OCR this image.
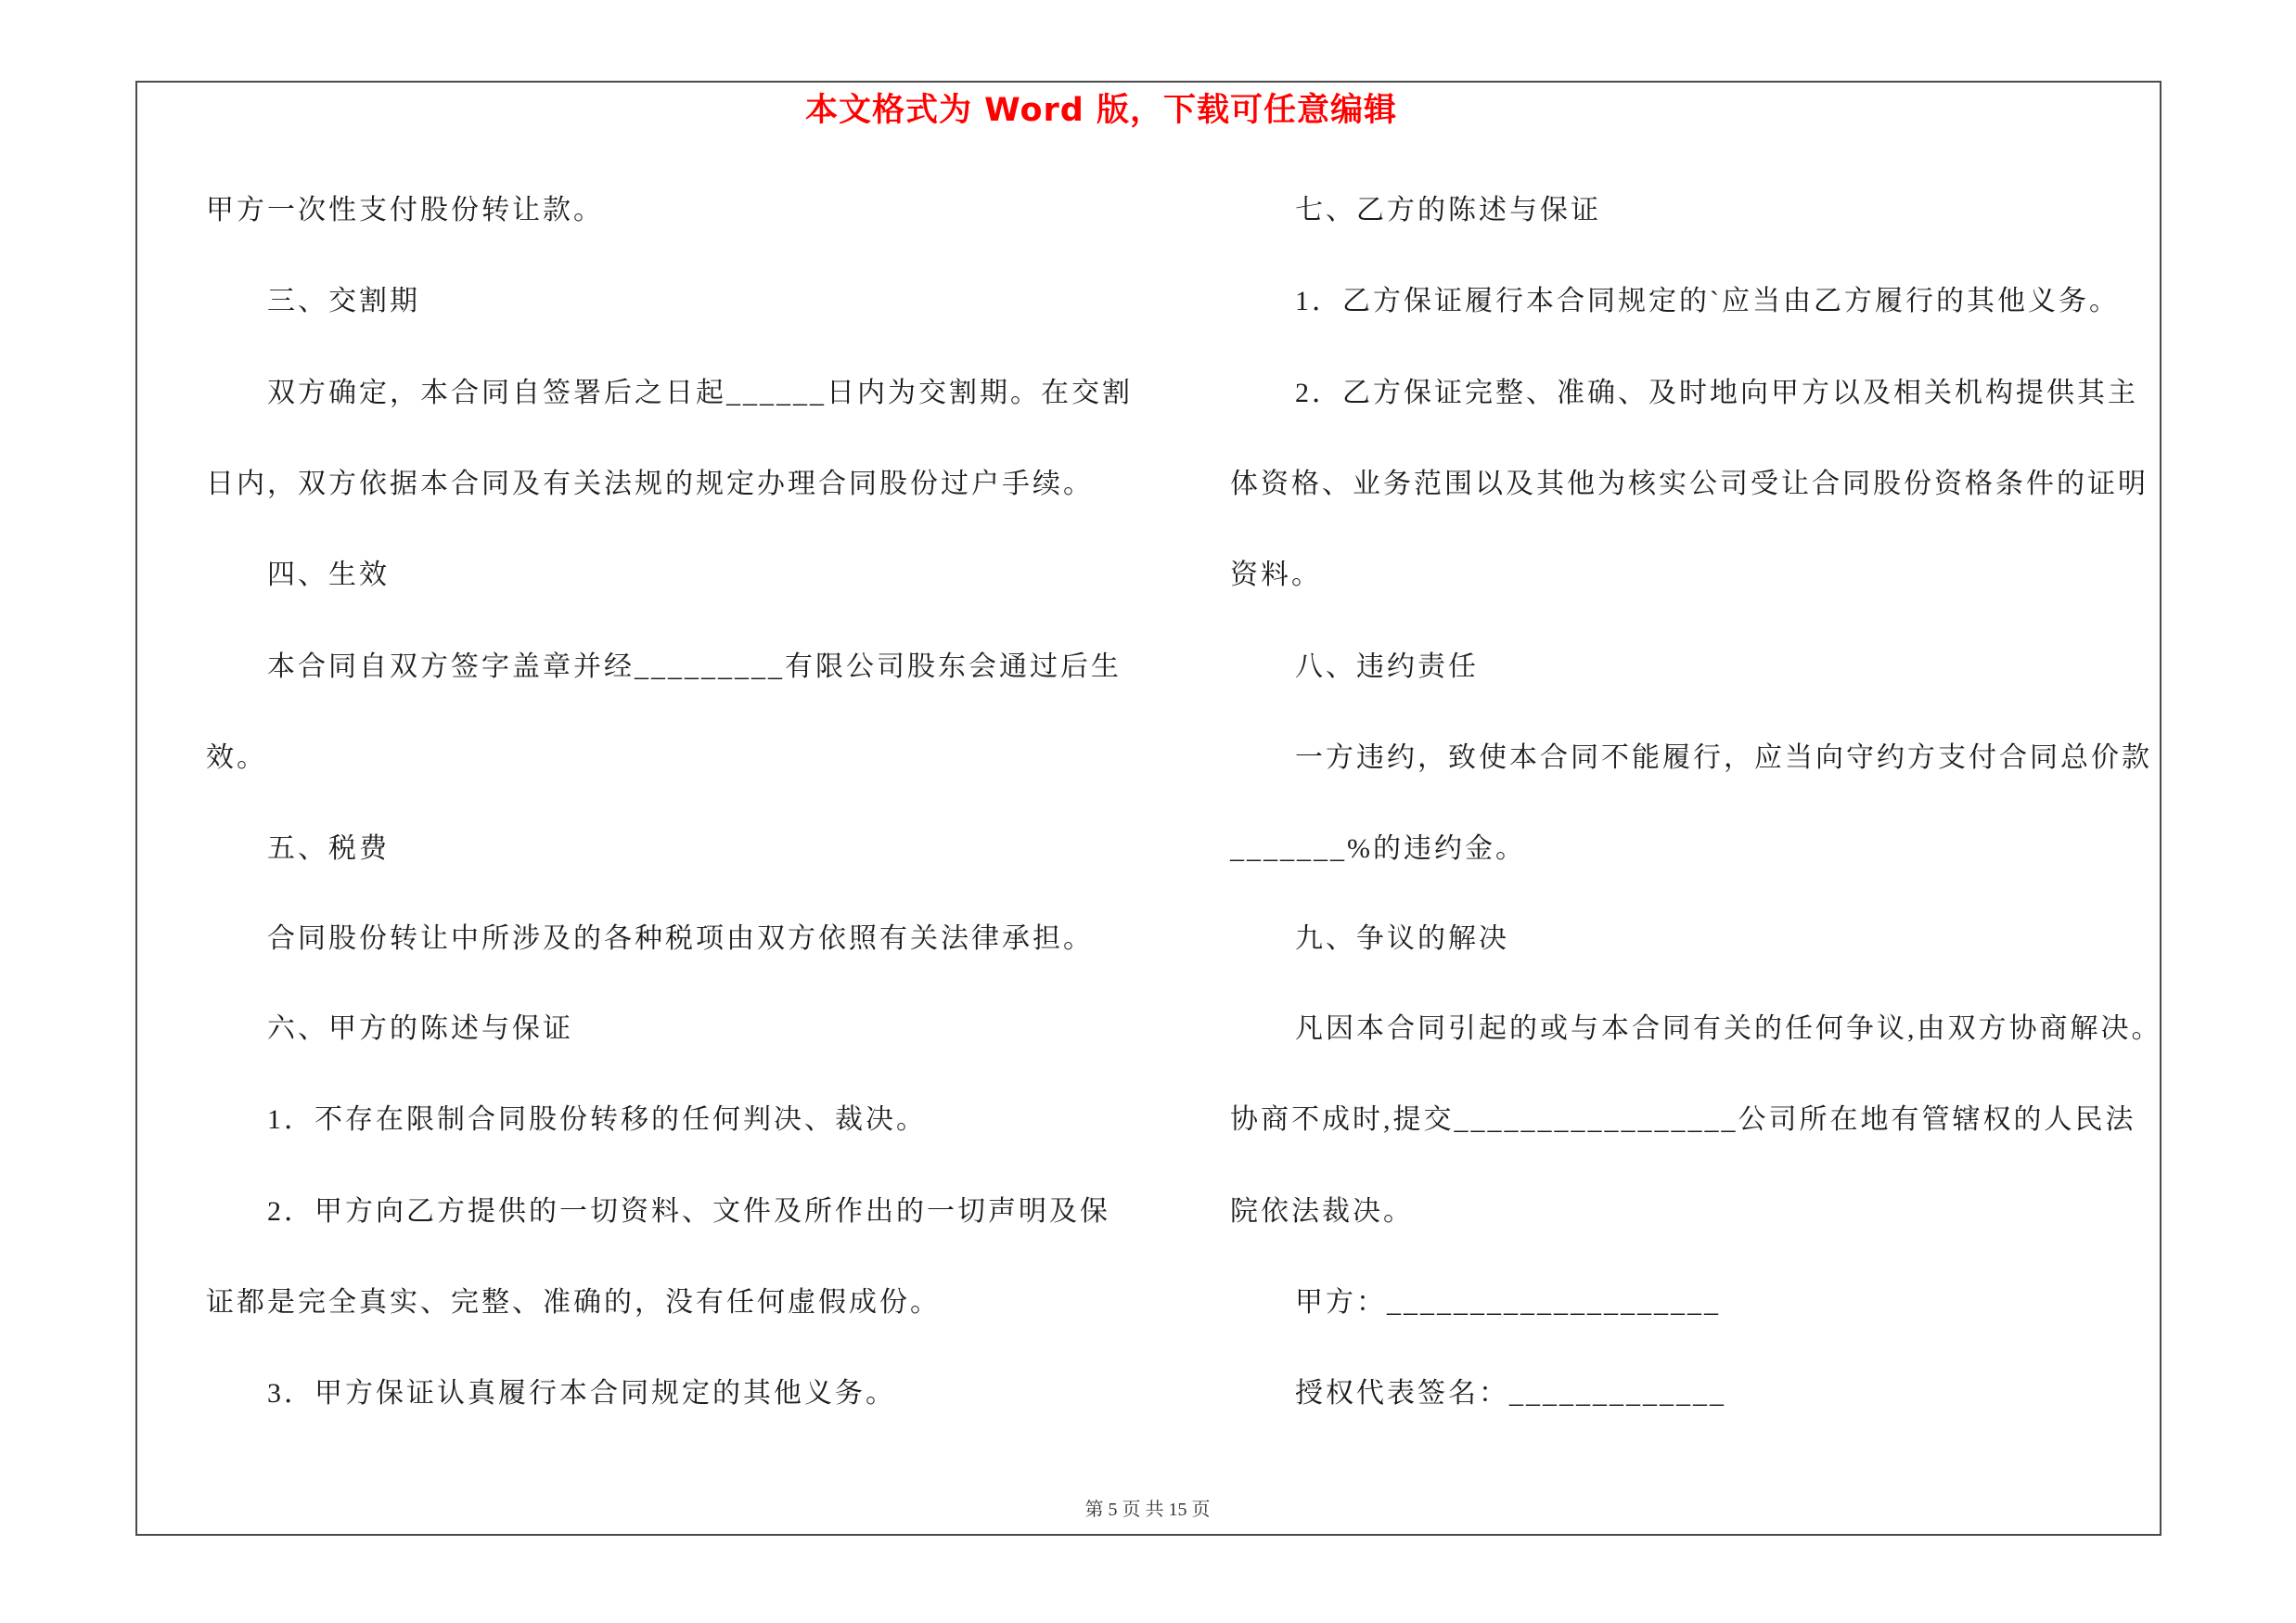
本文格式为 Word 版，下载可任意编辑
甲方一次性支付股份转让款。
三、交割期
双方确定，本合同自签署后之日起______日内为交割期。在交割
日内，双方依据本合同及有关法规的规定办理合同股份过户手续。
四、生效
本合同自双方签字盖章并经_________有限公司股东会通过后生
效。
五、税费
合同股份转让中所涉及的各种税项由双方依照有关法律承担。
六、甲方的陈述与保证
1．不存在限制合同股份转移的任何判决、裁决。
2．甲方向乙方提供的一切资料、文件及所作出的一切声明及保
证都是完全真实、完整、准确的，没有任何虚假成份。
3．甲方保证认真履行本合同规定的其他义务。
七、乙方的陈述与保证
1．乙方保证履行本合同规定的`应当由乙方履行的其他义务。
2．乙方保证完整、准确、及时地向甲方以及相关机构提供其主
体资格、业务范围以及其他为核实公司受让合同股份资格条件的证明
资料。
八、违约责任
一方违约，致使本合同不能履行，应当向守约方支付合同总价款
_______%的违约金。
九、争议的解决
凡因本合同引起的或与本合同有关的任何争议,由双方协商解决。
协商不成时,提交_________________公司所在地有管辖权的人民法
院依法裁决。
甲方：____________________
授权代表签名：_____________
第 5 页 共 15 页
